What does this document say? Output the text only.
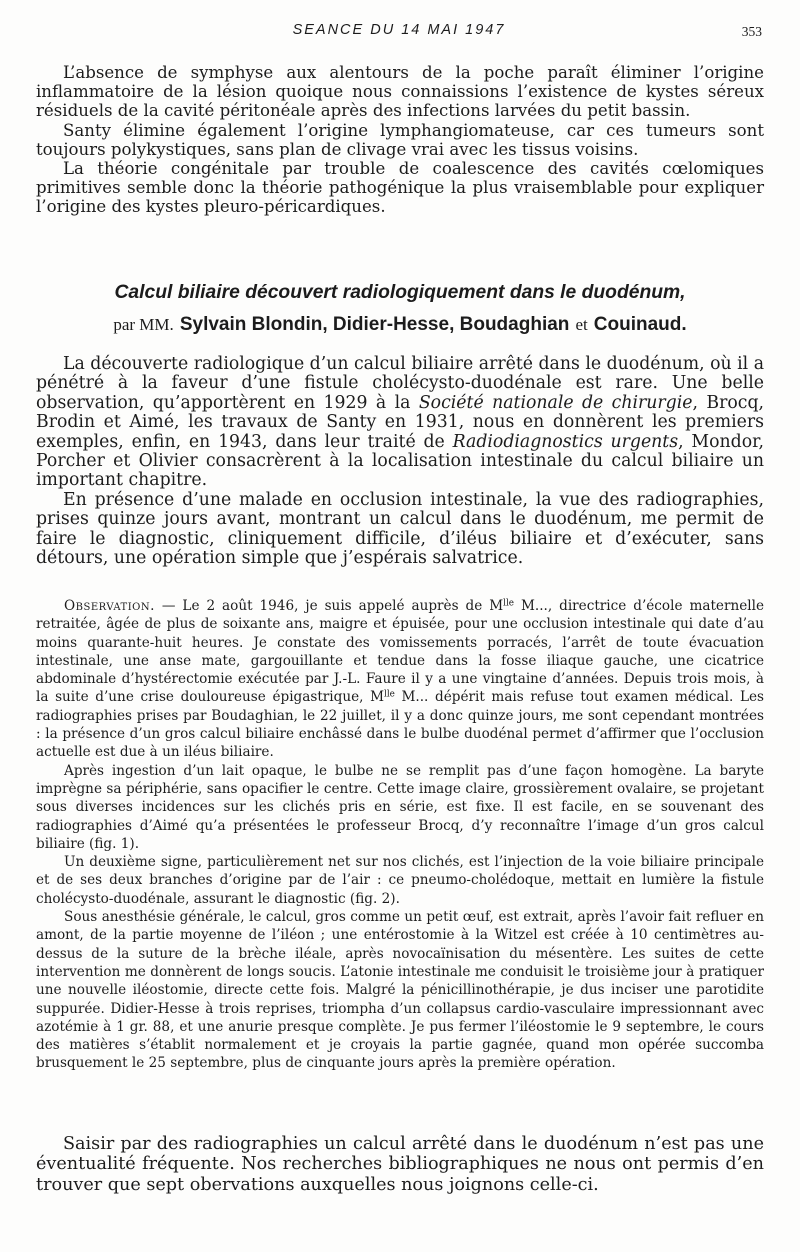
SEANCE DU 14 MAI 1947	353

L’absence de symphyse aux alentours de la poche paraît éliminer l’origine inflammatoire de la lésion quoique nous connaissions l’existence de kystes séreux résiduels de la cavité péritonéale après des infections larvées du petit bassin.

Santy élimine également l’origine lymphangiomateuse, car ces tumeurs sont toujours polykystiques, sans plan de clivage vrai avec les tissus voisins.

La théorie congénitale par trouble de coalescence des cavités cœlomiques primitives semble donc la théorie pathogénique la plus vraisemblable pour expliquer l’origine des kystes pleuro-péricardiques.

Calcul biliaire découvert radiologiquement dans le duodénum,
par MM. Sylvain Blondin, Didier-Hesse, Boudaghian et Couinaud.

La découverte radiologique d’un calcul biliaire arrêté dans le duodénum, où il a pénétré à la faveur d’une fistule cholécysto-duodénale est rare. Une belle observation, qu’apportèrent en 1929 à la Société nationale de chirurgie, Brocq, Brodin et Aimé, les travaux de Santy en 1931, nous en donnèrent les premiers exemples, enfin, en 1943, dans leur traité de Radiodiagnostics urgents, Mondor, Porcher et Olivier consacrèrent à la localisation intestinale du calcul biliaire un important chapitre.

En présence d’une malade en occlusion intestinale, la vue des radiographies, prises quinze jours avant, montrant un calcul dans le duodénum, me permit de faire le diagnostic, cliniquement difficile, d’iléus biliaire et d’exécuter, sans détours, une opération simple que j’espérais salvatrice.

Observation. — Le 2 août 1946, je suis appelé auprès de $M^{lle}$ M..., directrice d’école maternelle retraitée, âgée de plus de soixante ans, maigre et épuisée, pour une occlusion intestinale qui date d’au moins quarante-huit heures. Je constate des vomissements porracés, l’arrêt de toute évacuation intestinale, une anse mate, gargouillante et tendue dans la fosse iliaque gauche, une cicatrice abdominale d’hystérectomie exécutée par J.-L. Faure il y a une vingtaine d’années. Depuis trois mois, à la suite d’une crise douloureuse épigastrique, $M^{lle}$ M... dépérit mais refuse tout examen médical. Les radiographies prises par Boudaghian, le 22 juillet, il y a donc quinze jours, me sont cependant montrées : la présence d’un gros calcul biliaire enchâssé dans le bulbe duodénal permet d’affirmer que l’occlusion actuelle est due à un iléus biliaire.

Après ingestion d’un lait opaque, le bulbe ne se remplit pas d’une façon homogène. La baryte imprègne sa périphérie, sans opacifier le centre. Cette image claire, grossièrement ovalaire, se projetant sous diverses incidences sur les clichés pris en série, est fixe. Il est facile, en se souvenant des radiographies d’Aimé qu’a présentées le professeur Brocq, d’y reconnaître l’image d’un gros calcul biliaire (fig. 1).

Un deuxième signe, particulièrement net sur nos clichés, est l’injection de la voie biliaire principale et de ses deux branches d’origine par de l’air : ce pneumo-cholédoque, mettait en lumière la fistule cholécysto-duodénale, assurant le diagnostic (fig. 2).

Sous anesthésie générale, le calcul, gros comme un petit œuf, est extrait, après l’avoir fait refluer en amont, de la partie moyenne de l’iléon ; une entérostomie à la Witzel est créée à 10 centimètres au-dessus de la suture de la brèche iléale, après novocaïnisation du mésentère. Les suites de cette intervention me donnèrent de longs soucis. L’atonie intestinale me conduisit le troisième jour à pratiquer une nouvelle iléostomie, directe cette fois. Malgré la pénicillinothérapie, je dus inciser une parotidite suppurée. Didier-Hesse à trois reprises, triompha d’un collapsus cardio-vasculaire impressionnant avec azotémie à 1 gr. 88, et une anurie presque complète. Je pus fermer l’iléostomie le 9 septembre, le cours des matières s’établit normalement et je croyais la partie gagnée, quand mon opérée succomba brusquement le 25 septembre, plus de cinquante jours après la première opération.

Saisir par des radiographies un calcul arrêté dans le duodénum n’est pas une éventualité fréquente. Nos recherches bibliographiques ne nous ont permis d’en trouver que sept obervations auxquelles nous joignons celle-ci.
